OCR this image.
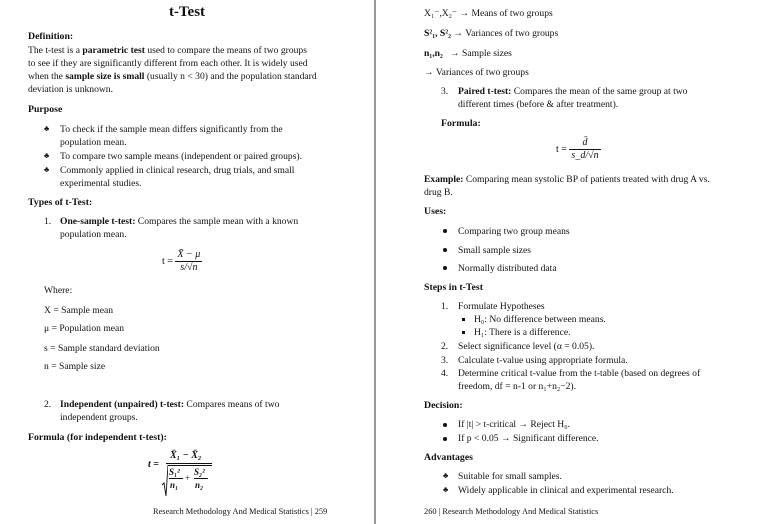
t-Test
Definition:
The t-test is a parametric test used to compare the means of two groups
to see if they are significantly different from each other. It is widely used
when the sample size is small (usually n < 30) and the population standard
deviation is unknown.
Purpose
♣ To check if the sample mean differs significantly from the
population mean.
♣ To compare two sample means (independent or paired groups).
♣ Commonly applied in clinical research, drug trials, and small
experimental studies.
Types of t-Test:
1. One-sample t-test: Compares the sample mean with a known
population mean.
$t = \frac{X̄ - \mu}{s/√n}$
Where:
X = Sample mean
μ = Population mean
s = Sample standard deviation
n = Sample size
2. Independent (unpaired) t-test: Compares means of two
independent groups.
Formula (for independent t-test):
t =
X̄₁ − X̄₂
S₁²
n₁
+
S₂²
n₂
Research Methodology And Medical Statistics | 259
X₁⁻,X₂⁻ → Means of two groups
S²₁, S²₂ → Variances of two groups
n₁,n₂ → Sample sizes
→ Variances of two groups
3. Paired t-test: Compares the mean of the same group at two
different times (before & after treatment).
Formula:
$t = \frac{d̄}{s\_d/√n}$
Example: Comparing mean systolic BP of patients treated with drug A vs.
drug B.
Uses:
Comparing two group means
Small sample sizes
Normally distributed data
Steps in t-Test
1. Formulate Hypotheses
H₀: No difference between means.
H₁: There is a difference.
2. Select significance level (α = 0.05).
3. Calculate t-value using appropriate formula.
4. Determine critical t-value from the t-table (based on degrees of
freedom, df = n-1 or n₁+n₂−2).
Decision:
If |t| > t-critical → Reject H₀.
If p < 0.05 → Significant difference.
Advantages
♣ Suitable for small samples.
♣ Widely applicable in clinical and experimental research.
260 | Research Methodology And Medical Statistics
